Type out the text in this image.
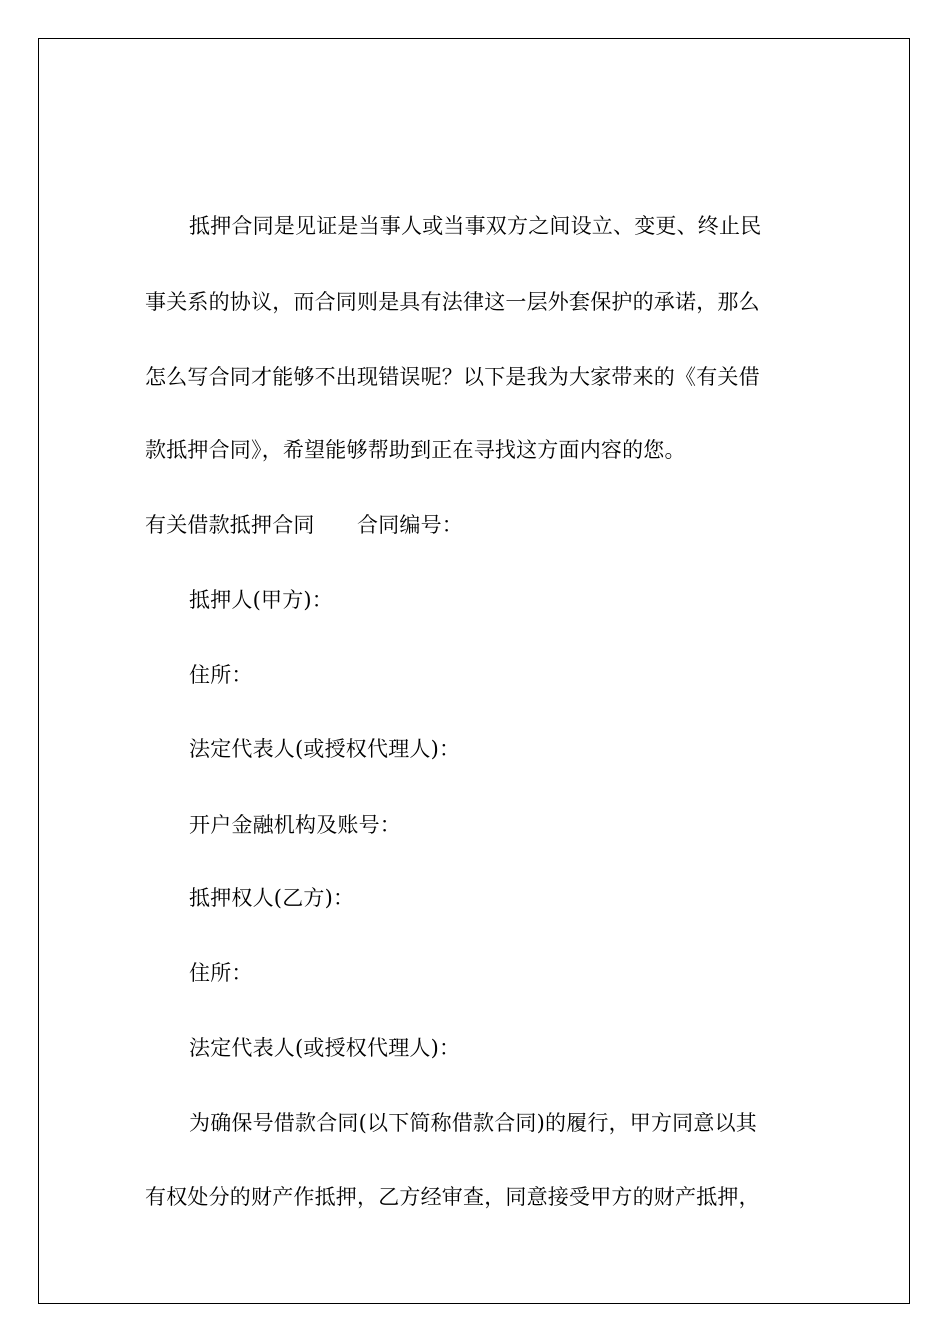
抵押合同是见证是当事人或当事双方之间设立、变更、终止民
事关系的协议，而合同则是具有法律这一层外套保护的承诺，那么
怎么写合同才能够不出现错误呢？以下是我为大家带来的《有关借
款抵押合同》，希望能够帮助到正在寻找这方面内容的您。
有关借款抵押合同　　合同编号：
抵押人(甲方)：
住所：
法定代表人(或授权代理人)：
开户金融机构及账号：
抵押权人(乙方)：
住所：
法定代表人(或授权代理人)：
为确保号借款合同(以下简称借款合同)的履行，甲方同意以其
有权处分的财产作抵押，乙方经审查，同意接受甲方的财产抵押，
